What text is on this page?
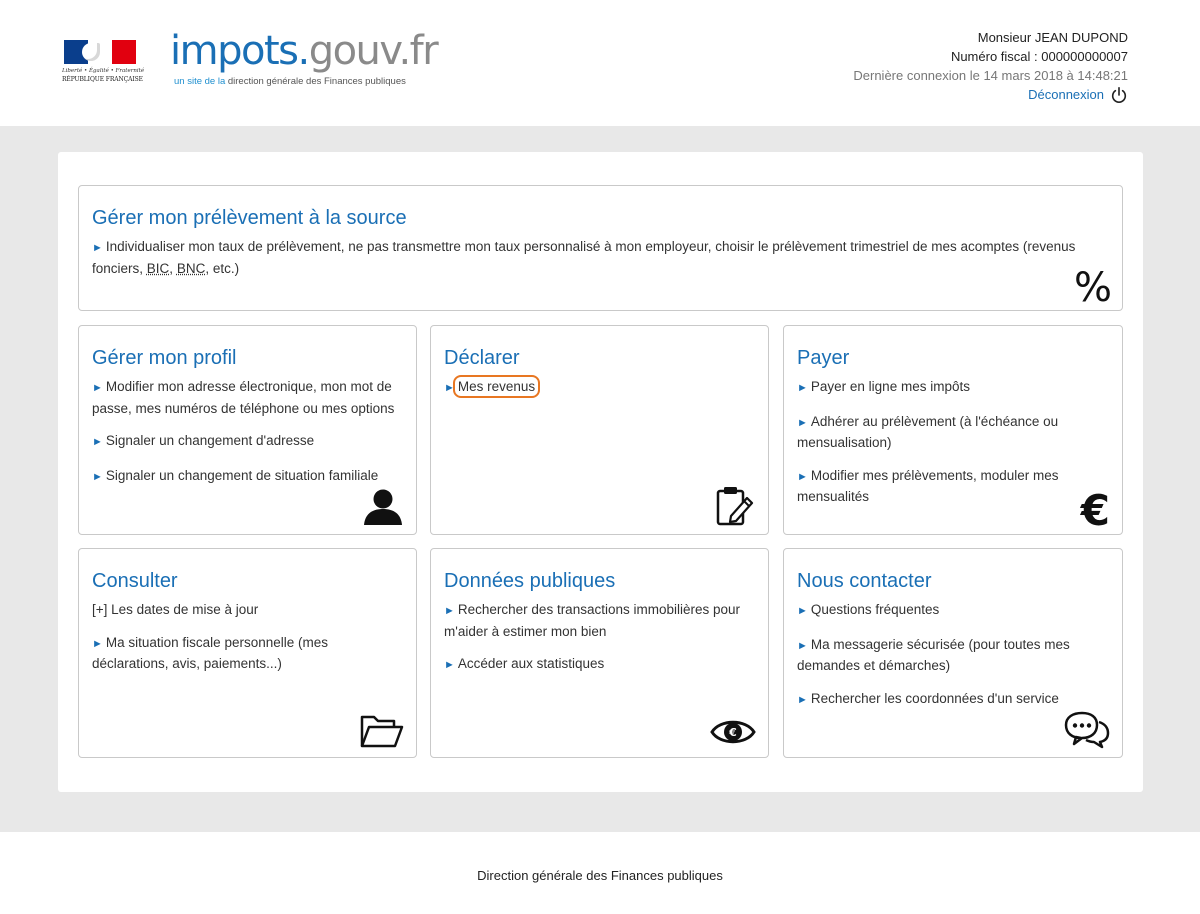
Liberté • Égalité • Fraternité
RÉPUBLIQUE FRANÇAISE
impots.gouv.fr
un site de la direction générale des Finances publiques
Monsieur JEAN DUPOND
Numéro fiscal : 000000000007
Dernière connexion le 14 mars 2018 à 14:48:21
Déconnexion
Gérer mon prélèvement à la source
► Individualiser mon taux de prélèvement, ne pas transmettre mon taux personnalisé à mon employeur, choisir le prélèvement trimestriel de mes acomptes (revenus fonciers, BIC, BNC, etc.)	%
Gérer mon profil
► Modifier mon adresse électronique, mon mot de passe, mes numéros de téléphone ou mes options
► Signaler un changement d'adresse
► Signaler un changement de situation familiale
Déclarer
► Mes revenus
Payer
► Payer en ligne mes impôts
► Adhérer au prélèvement (à l'échéance ou mensualisation)
► Modifier mes prélèvements, moduler mes mensualités	€
Consulter
[+] Les dates de mise à jour
► Ma situation fiscale personnelle (mes déclarations, avis, paiements...)
Données publiques
► Rechercher des transactions immobilières pour m'aider à estimer mon bien
► Accéder aux statistiques
€
Nous contacter
► Questions fréquentes
► Ma messagerie sécurisée (pour toutes mes demandes et démarches)
► Rechercher les coordonnées d'un service
Direction générale des Finances publiques
